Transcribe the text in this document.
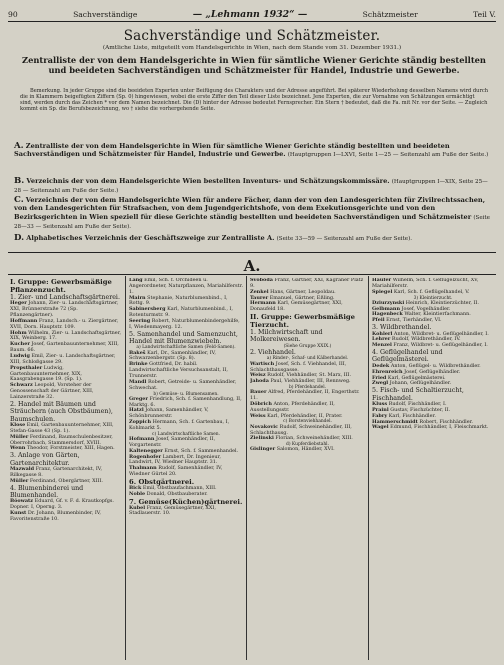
90	Sachverständige	— „Lehmann 1932“ —	Schätzmeister	Teil V.
Sachverständige und Schätzmeister.
(Amtliche Liste, mitgeteilt vom Handelsgerichte in Wien, nach dem Stande vom 31. Dezember 1931.)
Zentralliste der von dem Handelsgerichte in Wien für sämtliche Wiener Gerichte ständig bestellten und beeideten Sachverständigen und Schätzmeister für Handel, Industrie und Gewerbe.
Bemerkung. In jeder Gruppe sind die beeideten Experten unter Beifügung des Charakters und der Adresse angeführt. Bei späterer Wiederholung desselben Namens wird durch die in Klammern beigefügten Ziffern (Sp. 0) hingewiesen, wobei die erste Ziffer den Teil dieser Liste bezeichnet. Jene Experten, die zur Vornahme von Schätzungen ermächtigt sind, werden durch das Zeichen * vor dem Namen bezeichnet. Die (D) hinter der Adresse bedeutet Fernsprecher. Ein Stern † bedeutet, daß die Fa. mit Nr. vor der Seite. — Zugleich kommt ein Sp. die Berufsbezeichnung, wo † siehe die vorhergehende Seite.
A. Zentralliste der von dem Handelsgerichte in Wien für sämtliche Wiener Gerichte ständig bestellten und beeideten Sachverständigen und Schätzmeister für Handel, Industrie und Gewerbe. (Hauptgruppen I—LXVI, Seite 1—25 — Seitenzahl am Fuße der Seite.)
B. Verzeichnis der von dem Handelsgerichte Wien bestellten Inventurs- und Schätzungskommissäre. (Hauptgruppen I—XIX, Seite 25—28 — Seitenzahl am Fuße der Seite.)
C. Verzeichnis der von dem Handelsgerichte Wien für andere Fächer, dann der von den Landesgerichten für Zivilrechtssachen, von den Landesgerichten für Strafsachen, von dem Jugendgerichtshofe, von dem Exekutionsgerichte und von den Bezirksgerichten in Wien speziell für diese Gerichte ständig bestellten und beeideten Sachverständigen und Schätzmeister (Seite 28—33 — Seitenzahl am Fuße der Seite).
D. Alphabetisches Verzeichnis der Geschäftszweige zur Zentralliste A. (Seite 33—59 — Seitenzahl am Fuße der Seite).
A.

I. Gruppe: Gewerbsmäßige Pflanzenzucht.

1. Zier- und Landschaftsgärtnerei.

Heger Johann, Zier- u. Landschaftsgärtner, XXI, Brünnerstraße 72 (Sp. Pflanzengärtner).

Hoffmann Franz, Landsch.- u. Ziergärtner, XVII, Dorn. Hauptstr. 109.

Hohm Wilhelm, Zier- u. Landschaftsgärtner, XIX, Weinberg. 17.

Kucher Josef, Gartenbauunternehmer, XIII, Baum. 66.

Ludwig Emil, Zier- u. Landschaftsgärtner, XIII, Schloßgasse 29.

Propsthaler Ludwig, Gartenbauunternehmer, XIX, Kaasgrabengasse 19. (Sp. 1).

Schwarz Leopold, Vorsteher der Genossenschaft der Gärtner, XIII, Lainzerstraße 32.

2. Handel mit Bäumen und Sträuchern (auch Obstbäumen), Baumschulen.

Klose Emil, Gartenbauunternehmer, XIII, Stefan-Gasse 43 (Sp. 1).

Müller Ferdinand, Baumschulenbesitzer, Oberrohrbach, Stammersdorf, XVIII.

Wenn Theodor, Forstmeister, XIII, Hagen.

3. Anlage von Gärten, Gartenarchitektur.

Mazwald Franz, Gartenarchitekt, IV, Rilkegasse 8.

Müller Ferdinand, Obergärtner, XIII.

4. Blumenbinderei und Blumenhandel.

Bóowatz Eduard, Gf. v. F. d. Krautkopfgs. Dopner. I, Operng. 3.

Kunst Dr. Johann, Blumenbinder, IV, Favoritenstraße 10.

Lang Emil, Sch. f. Orchideen u. Angerordneter, Naturpflanzen, Mariahilferstr. 1.

Mairn Stephanie, Naturblumenbind., I, Rottg. 9.

Sabinersberg Karl, Naturblumenbind., I, Rotenturmstr. 9.

Seering Robert, Naturblumenbindergehilfe, I, Wiedenmayerg. 12.

5. Samenhandel und Samenzucht, Handel mit Blumenzwiebeln.

a) Landwirtschaftliche Samen (Feld-Samen).

Bakeš Karl, Dr., Samenhändler, IV, Schwarzenbergstr. (Sp. 8).

Brinke Gottfried, Dr. habil. Landwirtschaftliche Versuchsanstalt, II, Trunnerstr.

Mandl Robert, Getreide- u. Samenhändler, Schwechat.

b) Gemüse- u. Blumensamen.

Greger Friedrich, Sch. f. Samenhandlung, II, Marktg. 6.

Hatzl Johann, Samenhändler, V, Schönbrunnerstr.

Zoppich Hermann, Sch. f. Gartenbau, I, Kohlmarkt 5.

c) Landwirtschaftliche Samen.

Hofmann Josef, Samenhändler, II, Vorgartenstr.

Kaltenegger Ernst, Sch. f. Sammenhandel.

Rogenhofer Lambert, Dr. Ingenieur, Landwirt, IV, Wiedner Hauptstr. 31.

Thalmann Rudolf, Samenhändler, IV, Wiedner Gürtel 20.

6. Obstgärtnerei.

Bick Emil, Obstbaufachmann, XIII.

Noble Donald, Obstbauberater.

7. Gemüse(Küchen)gärtnerei.

Kubel Franz, Gemüsegärtner, XXI, Stadlauerstr. 10.

Svoboda Franz, Gärtner, XXI, Kagraner Platz 9.

Zenkel Hans, Gärtner, Leopoldau.

Taurer Emanuel, Gärtner, Eßling.

Hermann Karl, Gemüsegärtner, XXI, Donaufeld 18.

II. Gruppe: Gewerbsmäßige Tierzucht.

1. Milchwirtschaft und Molkereiwesen.

(Siehe Gruppe XXIX.)

2. Viehhandel.

a) Rinder-, Schaf- und Kälberhandel.

Wartisch Josef, Sch. f. Viehhandel, III, Schlachthausgasse.

Weisz Rudolf, Viehhändler, St. Marx, III.

Jahoda Paul, Viehhändler, III, Rennweg.

b) Pferdehandel.

Bauer Alfred, Pferdehändler, II, Engerthstr. 11.

Döbrich Anton, Pferdehändler, II, Ausstellungsstr.

Weiss Karl, Pferdehändler, II, Prater.

c) Borstenviehhandel.

Novakovic Rudolf, Schweinehändler, III, Schlachthausg.

Zielinski Florian, Schweinehändler, XIII.

d) Kupferdiebstahl.

Gislinger Salomon, Händler, XVI.

Haufer Wilhelm, Sch. f. Geflügelzucht, XV, Mariahilferstr.

Spiegel Karl, Sch. f. Geflügelhandel, V.

3) Kleintierzucht.

Dziurzynski Heinrich, Kleintierzüchter, II.

Gelbmann Josef, Vogelhändler.

Hagenbeck Walter, Kleintierfachmann.

Pfeil Ernst, Tierhändler, VI.

3. Wildbrethandel.

Kohlerl Anton, Wildbret- u. Geflügelhändler, I.

Lehrer Rudolf, Wildbrethändler, IV.

Menzel Franz, Wildbret- u. Geflügelhändler, I.

4. Geflügelhandel und Geflügelmästerei.

Dedek Anton, Geflügel- u. Wildbrethändler.

Ehrenreich Josef, Geflügelhändler.

Fried Karl, Geflügelmästerei.

Zwegl Johann, Geflügelhändler.

5. Fisch- und Schaltierzucht, Fischhandel.

Kluss Rudolf, Fischhändler, I.

Prainl Gustav, Fischzüchter, II.

Fabry Karl, Fischhändler.

Hammerschmidt Robert, Fischhändler.

Wagel Edmund, Fischhändler, I, Fleischmarkt.
